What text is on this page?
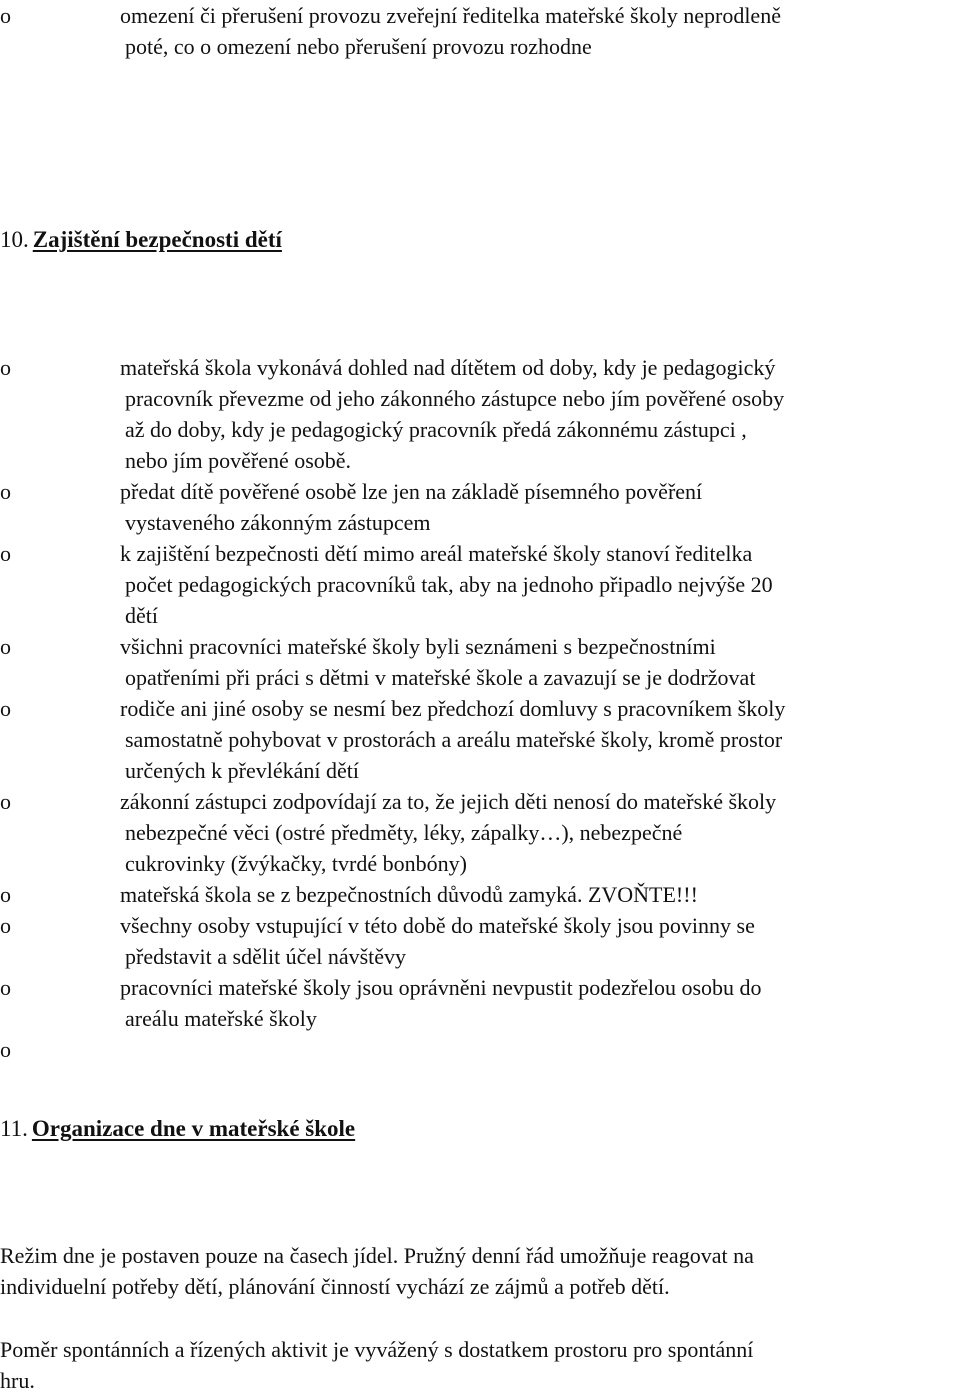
o	omezení či přerušení provozu zveřejní ředitelka mateřské školy neprodleně
poté, co o omezení nebo přerušení provozu rozhodne
10. Zajištění bezpečnosti dětí
o	mateřská škola vykonává dohled nad dítětem od doby, kdy je pedagogický
pracovník převezme od jeho zákonného zástupce nebo jím pověřené osoby
až do doby, kdy je pedagogický pracovník předá zákonnému zástupci ,
nebo jím pověřené osobě.
o	předat dítě pověřené osobě lze jen na základě písemného pověření
vystaveného zákonným zástupcem
o	k zajištění bezpečnosti dětí mimo areál mateřské školy stanoví ředitelka
počet pedagogických pracovníků tak, aby na jednoho připadlo nejvýše 20
dětí
o	všichni pracovníci mateřské školy byli seznámeni s bezpečnostními
opatřeními při práci s dětmi v mateřské škole a zavazují se je dodržovat
o	rodiče ani jiné osoby se nesmí bez předchozí domluvy s pracovníkem školy
samostatně pohybovat v prostorách a areálu mateřské školy, kromě prostor
určených k převlékání dětí
o	zákonní zástupci zodpovídají za to, že jejich děti nenosí do mateřské školy
nebezpečné věci (ostré předměty, léky, zápalky…), nebezpečné
cukrovinky (žvýkačky, tvrdé bonbóny)
o	mateřská škola se z bezpečnostních důvodů zamyká. ZVOŇTE!!!
o	všechny osoby vstupující v této době do mateřské školy jsou povinny se
představit a sdělit účel návštěvy
o	pracovníci mateřské školy jsou oprávněni nevpustit podezřelou osobu do
areálu mateřské školy
o

11. Organizace dne v mateřské škole

Režim dne je postaven pouze na časech jídel. Pružný denní řád umožňuje reagovat na
individuelní potřeby dětí, plánování činností vychází ze zájmů a potřeb dětí.

Poměr spontánních a řízených aktivit je vyvážený s dostatkem prostoru pro spontánní
hru.
